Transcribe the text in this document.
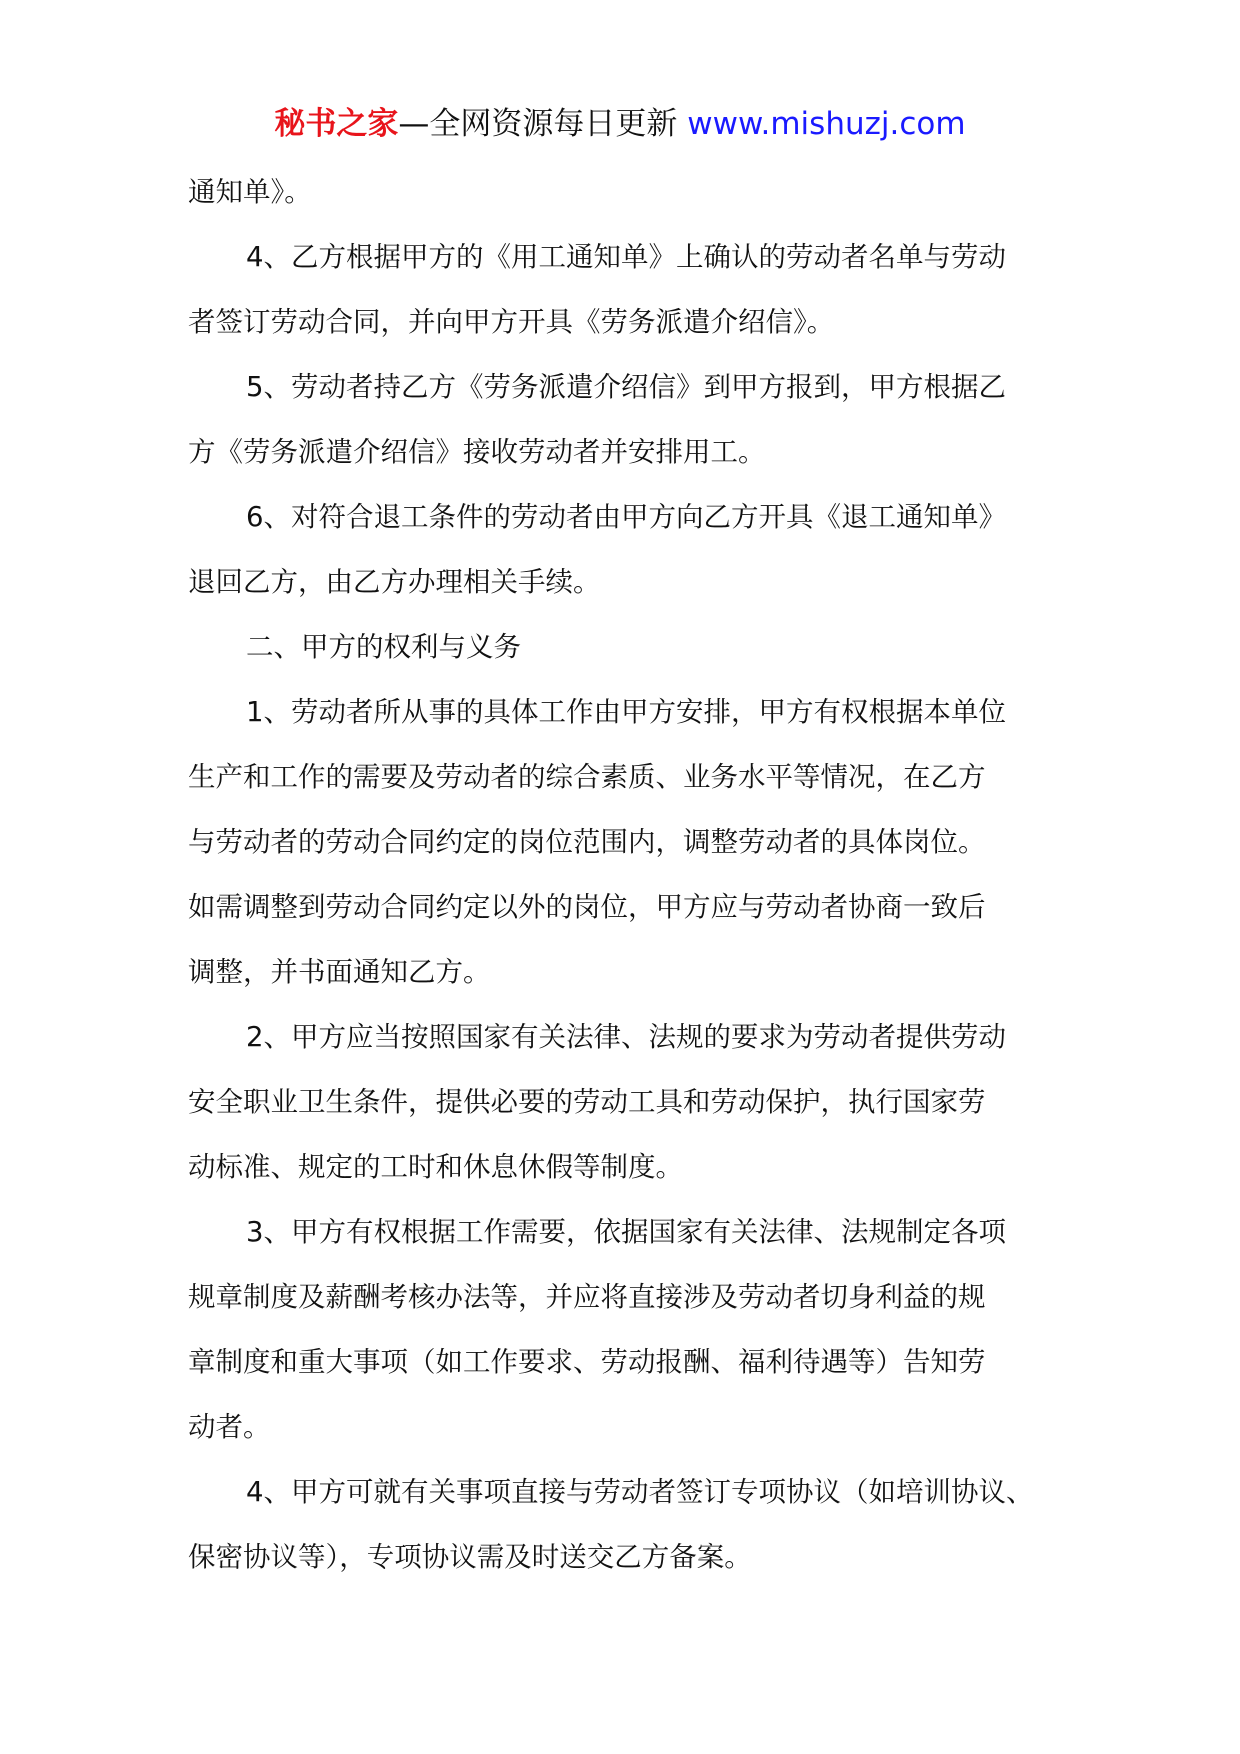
秘书之家—全网资源每日更新 www.mishuzj.com

通知单》。

4、乙方根据甲方的《用工通知单》上确认的劳动者名单与劳动

者签订劳动合同，并向甲方开具《劳务派遣介绍信》。

5、劳动者持乙方《劳务派遣介绍信》到甲方报到，甲方根据乙

方《劳务派遣介绍信》接收劳动者并安排用工。

6、对符合退工条件的劳动者由甲方向乙方开具《退工通知单》

退回乙方，由乙方办理相关手续。

二、甲方的权利与义务

1、劳动者所从事的具体工作由甲方安排，甲方有权根据本单位

生产和工作的需要及劳动者的综合素质、业务水平等情况，在乙方

与劳动者的劳动合同约定的岗位范围内，调整劳动者的具体岗位。

如需调整到劳动合同约定以外的岗位，甲方应与劳动者协商一致后

调整，并书面通知乙方。

2、甲方应当按照国家有关法律、法规的要求为劳动者提供劳动

安全职业卫生条件，提供必要的劳动工具和劳动保护，执行国家劳

动标准、规定的工时和休息休假等制度。

3、甲方有权根据工作需要，依据国家有关法律、法规制定各项

规章制度及薪酬考核办法等，并应将直接涉及劳动者切身利益的规

章制度和重大事项（如工作要求、劳动报酬、福利待遇等）告知劳

动者。

4、甲方可就有关事项直接与劳动者签订专项协议（如培训协议、

保密协议等），专项协议需及时送交乙方备案。
